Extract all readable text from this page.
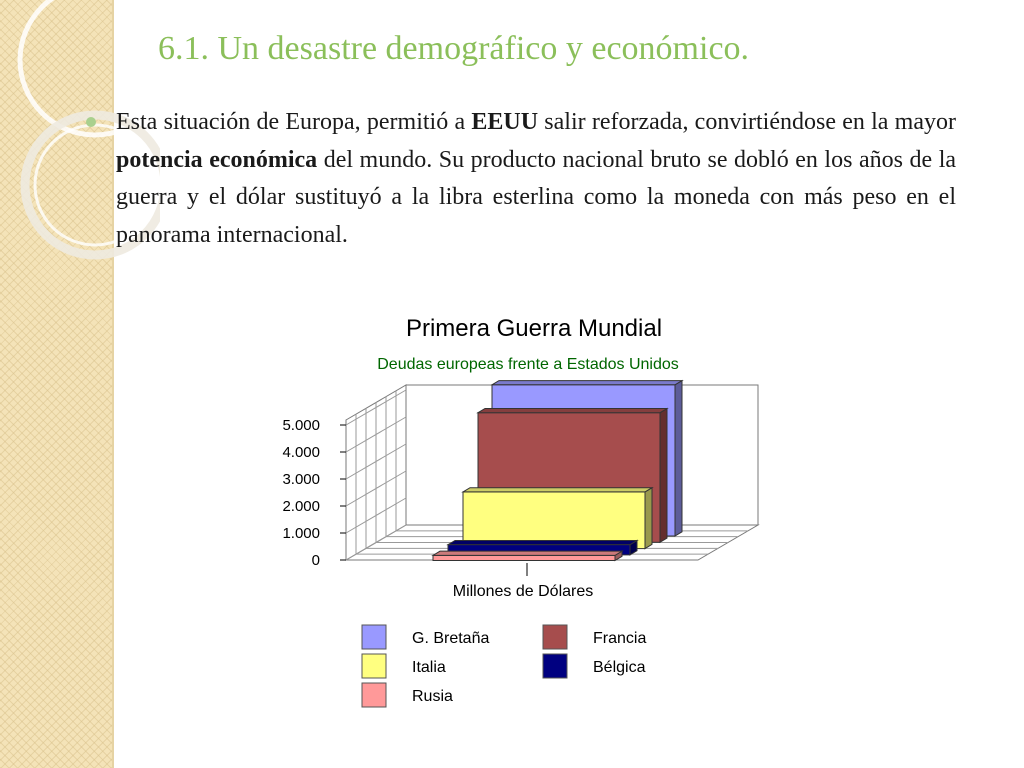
6.1. Un desastre demográfico y económico.
Esta situación de Europa, permitió a EEUU salir reforzada, convirtiéndose en la mayor potencia económica del mundo. Su producto nacional bruto se dobló en los años de la guerra y el dólar sustituyó a la libra esterlina como la moneda con más peso en el panorama internacional.
Primera Guerra Mundial
Deudas europeas frente a Estados Unidos
0
1.000
2.000
3.000
4.000
5.000
Millones de Dólares
G. Bretaña	Francia
Italia	Bélgica
Rusia
